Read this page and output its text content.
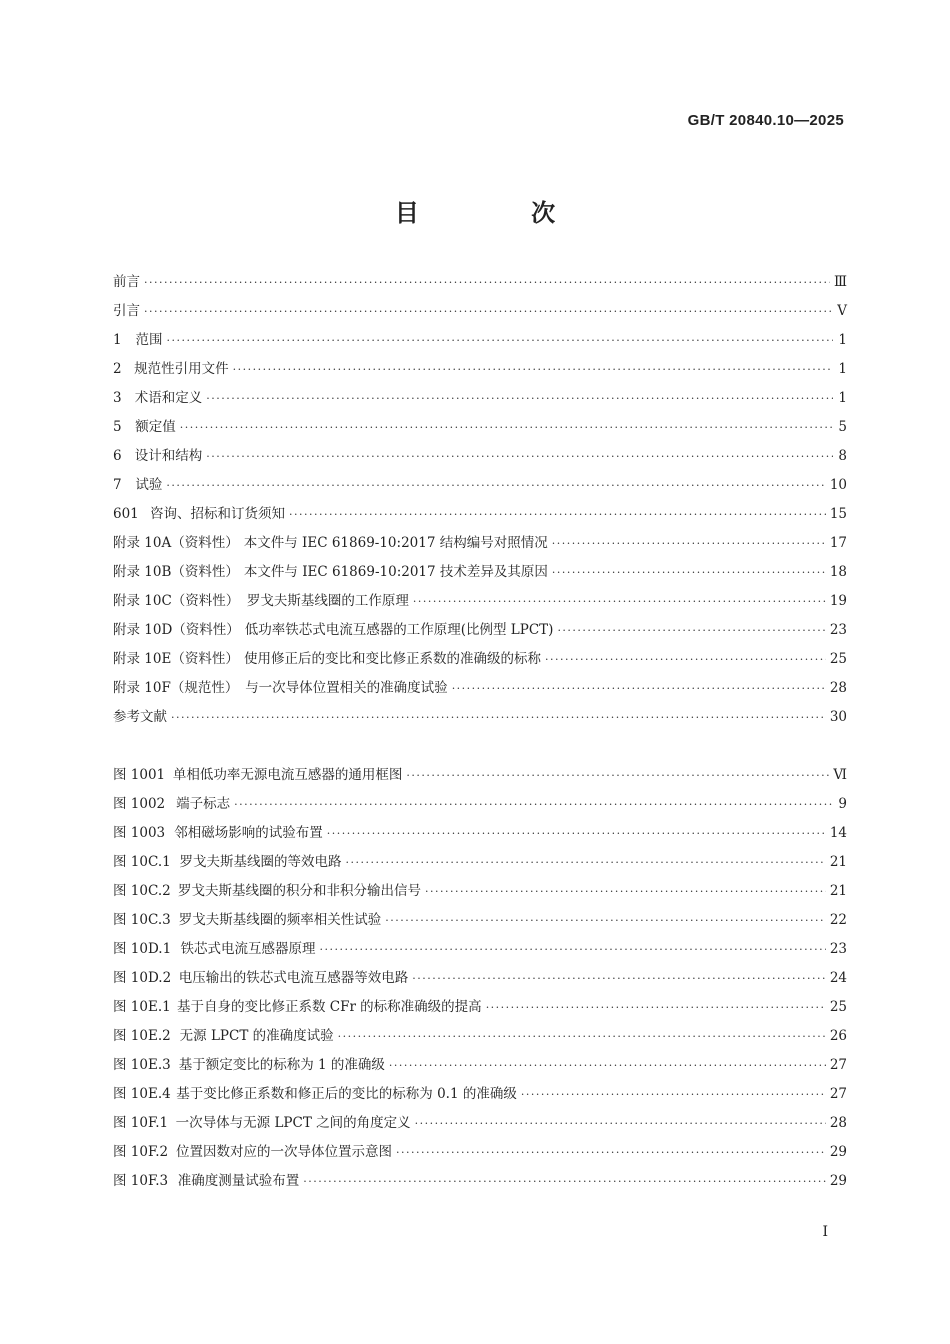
GB/T 20840.10—2025
目 次
前言 ·····	Ⅲ
引言 ·····	Ⅴ
1 范围 ·····	1
2 规范性引用文件 ·····	1
3 术语和定义 ·····	1
5 额定值 ·····	5
6 设计和结构 ·····	8
7 试验 ·····	10
601 咨询、招标和订货须知 ·····	15
附录 10A（资料性） 本文件与 IEC 61869-10:2017 结构编号对照情况 ·····	17
附录 10B（资料性） 本文件与 IEC 61869-10:2017 技术差异及其原因 ·····	18
附录 10C（资料性） 罗戈夫斯基线圈的工作原理 ·····	19
附录 10D（资料性） 低功率铁芯式电流互感器的工作原理(比例型 LPCT) ·····	23
附录 10E（资料性） 使用修正后的变比和变比修正系数的准确级的标称 ·····	25
附录 10F（规范性） 与一次导体位置相关的准确度试验 ·····	28
参考文献 ·····	30
图 1001 单相低功率无源电流互感器的通用框图 ·····	Ⅵ
图 1002 端子标志 ·····	9
图 1003 邻相磁场影响的试验布置 ·····	14
图 10C.1 罗戈夫斯基线圈的等效电路 ·····	21
图 10C.2 罗戈夫斯基线圈的积分和非积分输出信号 ·····	21
图 10C.3 罗戈夫斯基线圈的频率相关性试验 ·····	22
图 10D.1 铁芯式电流互感器原理 ·····	23
图 10D.2 电压输出的铁芯式电流互感器等效电路 ·····	24
图 10E.1 基于自身的变比修正系数 CFr 的标称准确级的提高 ·····	25
图 10E.2 无源 LPCT 的准确度试验 ·····	26
图 10E.3 基于额定变比的标称为 1 的准确级 ·····	27
图 10E.4 基于变比修正系数和修正后的变比的标称为 0.1 的准确级 ·····	27
图 10F.1 一次导体与无源 LPCT 之间的角度定义 ·····	28
图 10F.2 位置因数对应的一次导体位置示意图 ·····	29
图 10F.3 准确度测量试验布置 ·····	29
I
